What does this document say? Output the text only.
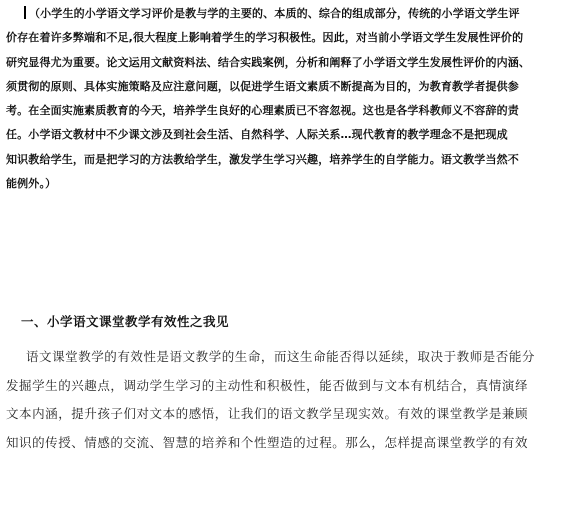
（小学生的小学语文学习评价是教与学的主要的、本质的、综合的组成部分，传统的小学语文学生评
价存在着许多弊端和不足,很大程度上影响着学生的学习积极性。因此，对当前小学语文学生发展性评价的
研究显得尤为重要。论文运用文献资料法、结合实践案例，分析和阐释了小学语文学生发展性评价的内涵、
须贯彻的原则、具体实施策略及应注意问题，以促进学生语文素质不断提高为目的，为教育教学者提供参
考。在全面实施素质教育的今天，培养学生良好的心理素质已不容忽视。这也是各学科教师义不容辞的责
任。小学语文教材中不少课文涉及到社会生活、自然科学、人际关系…现代教育的教学理念不是把现成
知识教给学生，而是把学习的方法教给学生，激发学生学习兴趣，培养学生的自学能力。语文教学当然不
能例外。）
一、小学语文课堂教学有效性之我见
语文课堂教学的有效性是语文教学的生命，而这生命能否得以延续，取决于教师是否能分
发掘学生的兴趣点，调动学生学习的主动性和积极性，能否做到与文本有机结合，真情演绎
文本内涵，提升孩子们对文本的感悟，让我们的语文教学呈现实效。有效的课堂教学是兼顾
知识的传授、情感的交流、智慧的培养和个性塑造的过程。那么，怎样提高课堂教学的有效
